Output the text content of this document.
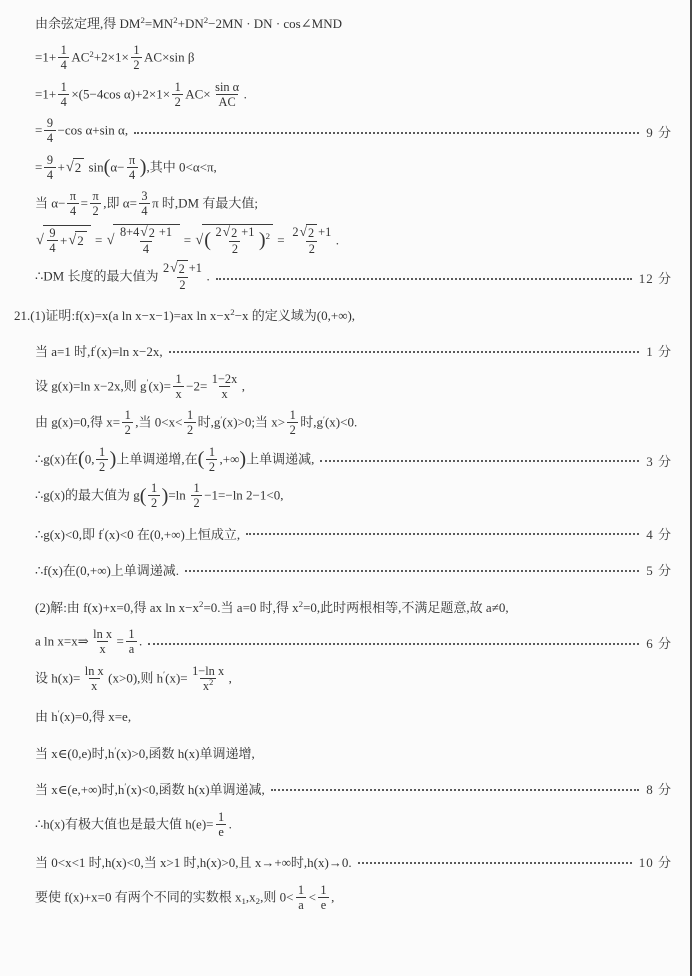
由余弦定理,得 $DM^2=MN^2+DN^2-2MN$ · DN · cos∠MND
$=1+ \frac{1}{4} AC^2+2\times 1\times \frac{1}{2} AC\times\sin$ β
$=1+ \frac{1}{4} \times(5-4\cos$ $\alpha)+2\times 1\times \frac{1}{2} AC\times \frac{\text{sin α}}{AC}$ .
= $\frac{9}{4} -\cos$ α+sin α,	9 分
= $\frac{9}{4}$ + √ 2 $\sin(\alpha- \frac{\pi}{4}$ ),其中 0<α<π,
当 $\alpha- \frac{\pi}{4} = \frac{\pi}{2}$ ,即 $\alpha= \frac{3}{4}$ π 时,DM 有最大值;
√ $\frac{9}{4}$ + √ 2 = √ $\frac{8+4 √ 2 +1}{4}$ = √ ( $\frac{2 √ 2 +1}{2}$ ) $2 = \frac{2 √ 2 +1}{2}$ .
∴DM 长度的最大值为 $\frac{2 √ 2 +1}{2}$ .	12 分
21.(1)证明:f(x)=x(a ln x−x−1)=ax $\ln x-x^2-x$ 的定义域为(0,+∞),
当 a=1 时,f′(x)=ln x−2x,	1 分
设 g(x)=ln x−2x,则 $g'(x)= \frac{1}{x} -2= \frac{1-2x}{x}$ ,
由 g(x)=0,得 $x= \frac{1}{2}$ ,当 $0<x< \frac{1}{2}$ 时,g′(x)>0;当 $x> \frac{1}{2}$ 时,g′(x)<0.
∴g(x)在(0, $\frac{1}{2}$ )上单调递增,在( $\frac{1}{2}$ ,+∞)上单调递减,	3 分
∴g(x)的最大值为 $g( \frac{1}{2} )=\ln \frac{1}{2} -1=-\ln$ 2−1<0,
∴g(x)<0,即 f′(x)<0 在(0,+∞)上恒成立,	4 分
∴f(x)在(0,+∞)上单调递减.	5 分
(2)解:由 f(x)+x=0,得 ax $\ln x-x^2=0$.当 a=0 时,得 $x^2=0$,此时两根相等,不满足题意,故 a≠0,
a ln x=x⇒ $\frac{\text{ln x}}{x} = \frac{1}{a}$ .	6 分
设 $h(x)= \frac{\text{ln x}}{x} (x>0)$,则 $h'(x)= \frac{\text{1−ln x}}{x^2}$ ,
由 h′(x)=0,得 x=e,
当 x∈(0,e)时,h′(x)>0,函数 h(x)单调递增,
当 x∈(e,+∞)时,h′(x)<0,函数 h(x)单调递减,	8 分
∴h(x)有极大值也是最大值 $h(e)= \frac{1}{e}$ .
当 0<x<1 时,h(x)<0,当 x>1 时,h(x)>0,且 x→+∞时,h(x)→0.	10 分
要使 f(x)+x=0 有两个不同的实数根 $x_1,x_2$,则 $0< \frac{1}{a} < \frac{1}{e}$ ,
